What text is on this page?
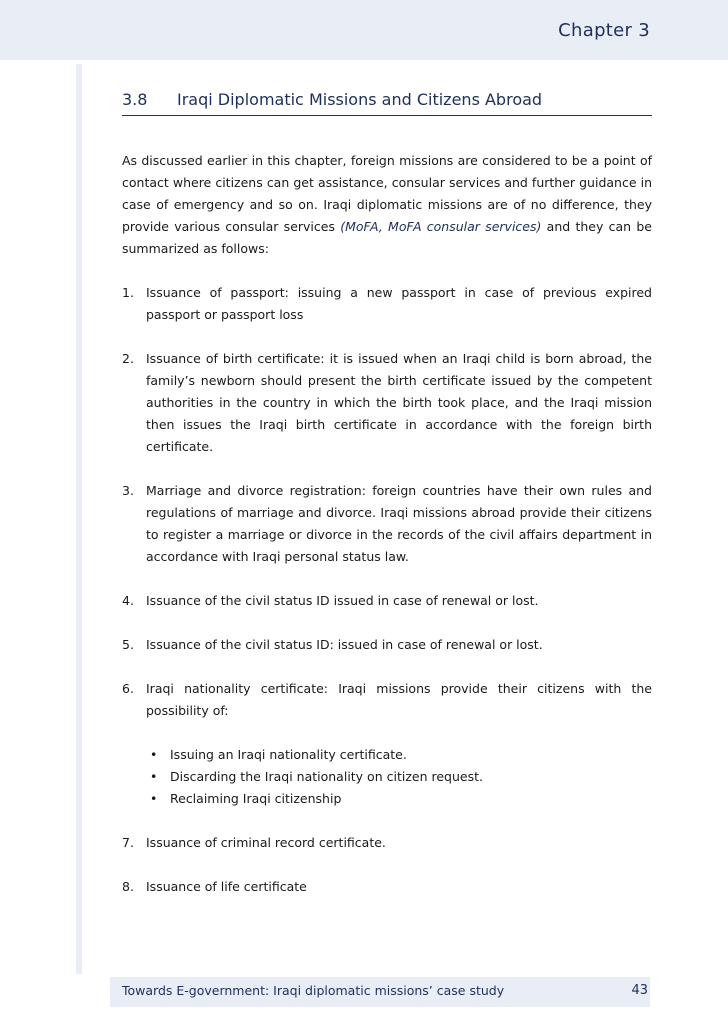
Chapter 3
3.8 Iraqi Diplomatic Missions and Citizens Abroad

As discussed earlier in this chapter, foreign missions are considered to be a point of contact where citizens can get assistance, consular services and further guidance in case of emergency and so on. Iraqi diplomatic missions are of no difference, they provide various consular services (MoFA, MoFA consular services) and they can be summarized as follows:

1. Issuance of passport: issuing a new passport in case of previous expired passport or passport loss
2. Issuance of birth certificate: it is issued when an Iraqi child is born abroad, the family’s newborn should present the birth certificate issued by the competent authorities in the country in which the birth took place, and the Iraqi mission then issues the Iraqi birth certificate in accordance with the foreign birth certificate.
3. Marriage and divorce registration: foreign countries have their own rules and regulations of marriage and divorce. Iraqi missions abroad provide their citizens to register a marriage or divorce in the records of the civil affairs department in accordance with Iraqi personal status law.
4. Issuance of the civil status ID issued in case of renewal or lost.
5. Issuance of the civil status ID: issued in case of renewal or lost.
6. Iraqi nationality certificate: Iraqi missions provide their citizens with the possibility of:
• Issuing an Iraqi nationality certificate.
• Discarding the Iraqi nationality on citizen request.
• Reclaiming Iraqi citizenship
7. Issuance of criminal record certificate.
8. Issuance of life certificate
Towards E-government: Iraqi diplomatic missions’ case study	43
